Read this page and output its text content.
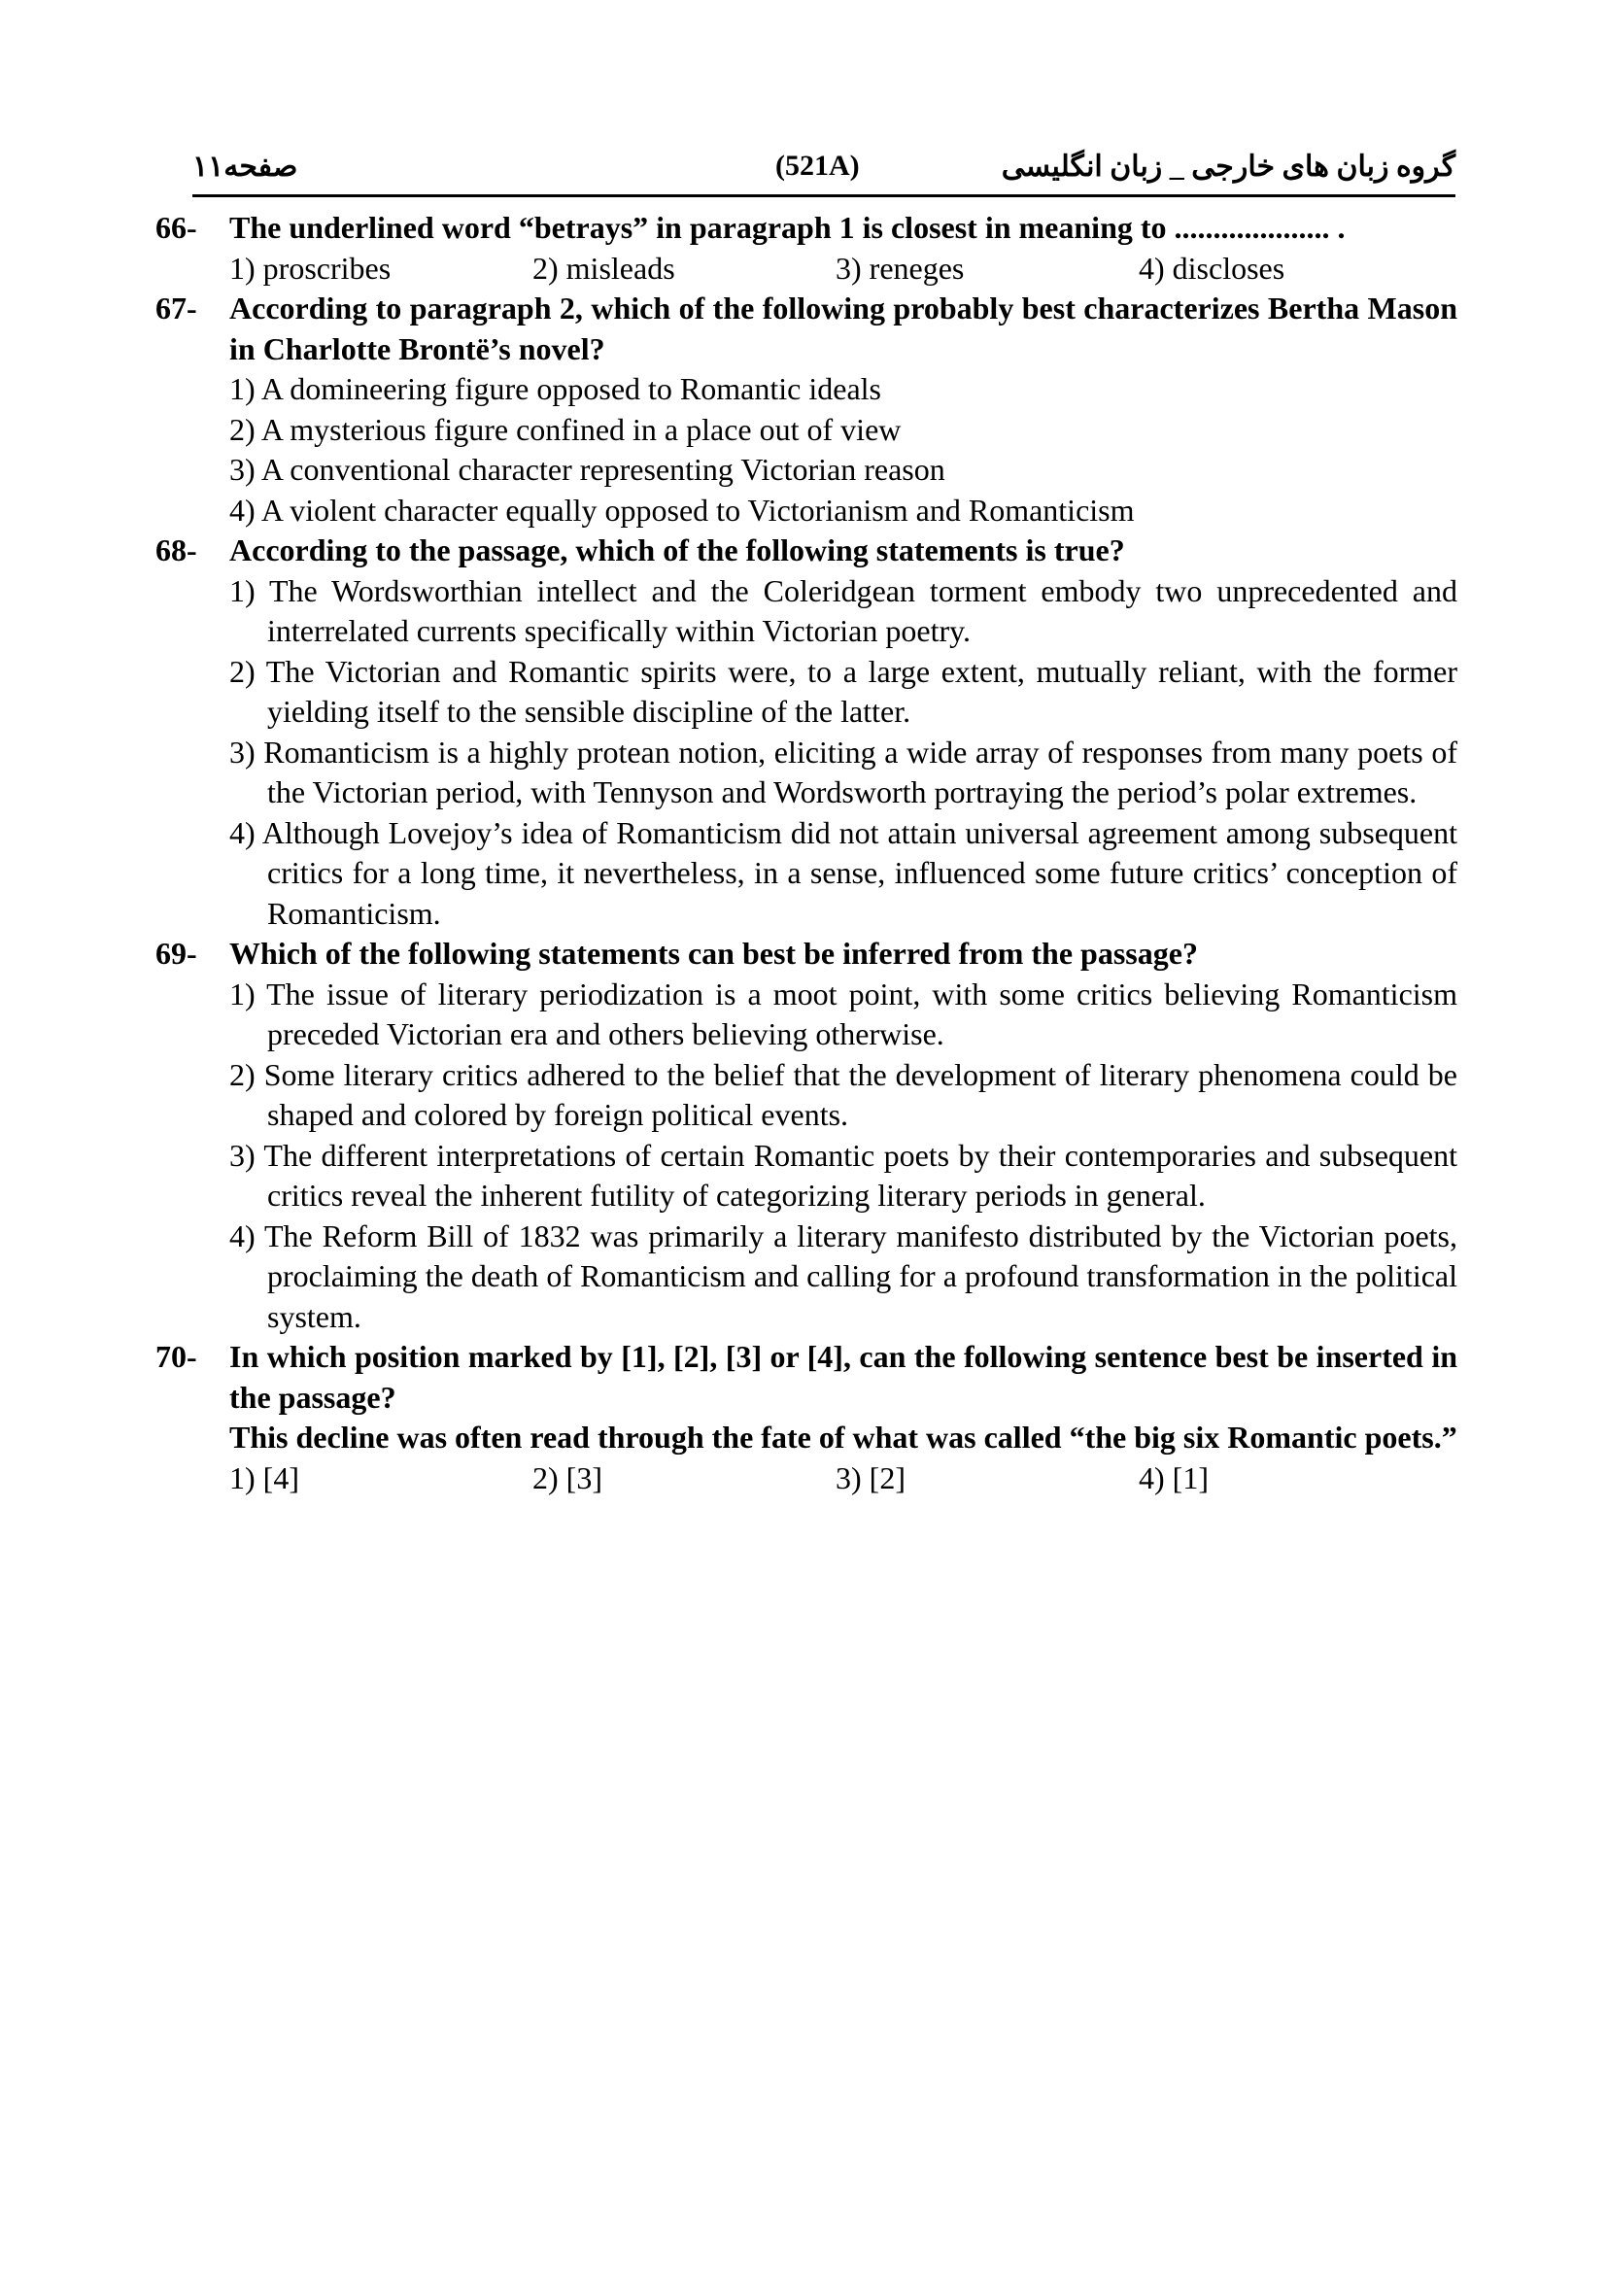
صفحه۱۱	(521A)	گروه زبان های خارجی _ زبان انگلیسی
66- The underlined word “betrays” in paragraph 1 is closest in meaning to .................... .
1) proscribes	2) misleads	3) reneges	4) discloses
67- According to paragraph 2, which of the following probably best characterizes Bertha Mason in Charlotte Brontë’s novel?
1) A domineering figure opposed to Romantic ideals
2) A mysterious figure confined in a place out of view
3) A conventional character representing Victorian reason
4) A violent character equally opposed to Victorianism and Romanticism
68- According to the passage, which of the following statements is true?
1) The Wordsworthian intellect and the Coleridgean torment embody two unprecedented and interrelated currents specifically within Victorian poetry.
2) The Victorian and Romantic spirits were, to a large extent, mutually reliant, with the former yielding itself to the sensible discipline of the latter.
3) Romanticism is a highly protean notion, eliciting a wide array of responses from many poets of the Victorian period, with Tennyson and Wordsworth portraying the period’s polar extremes.
4) Although Lovejoy’s idea of Romanticism did not attain universal agreement among subsequent critics for a long time, it nevertheless, in a sense, influenced some future critics’ conception of Romanticism.
69- Which of the following statements can best be inferred from the passage?
1) The issue of literary periodization is a moot point, with some critics believing Romanticism preceded Victorian era and others believing otherwise.
2) Some literary critics adhered to the belief that the development of literary phenomena could be shaped and colored by foreign political events.
3) The different interpretations of certain Romantic poets by their contemporaries and subsequent critics reveal the inherent futility of categorizing literary periods in general.
4) The Reform Bill of 1832 was primarily a literary manifesto distributed by the Victorian poets, proclaiming the death of Romanticism and calling for a profound transformation in the political system.
70- In which position marked by [1], [2], [3] or [4], can the following sentence best be inserted in the passage?
This decline was often read through the fate of what was called “the big six Romantic poets.”
1) [4]	2) [3]	3) [2]	4) [1]
